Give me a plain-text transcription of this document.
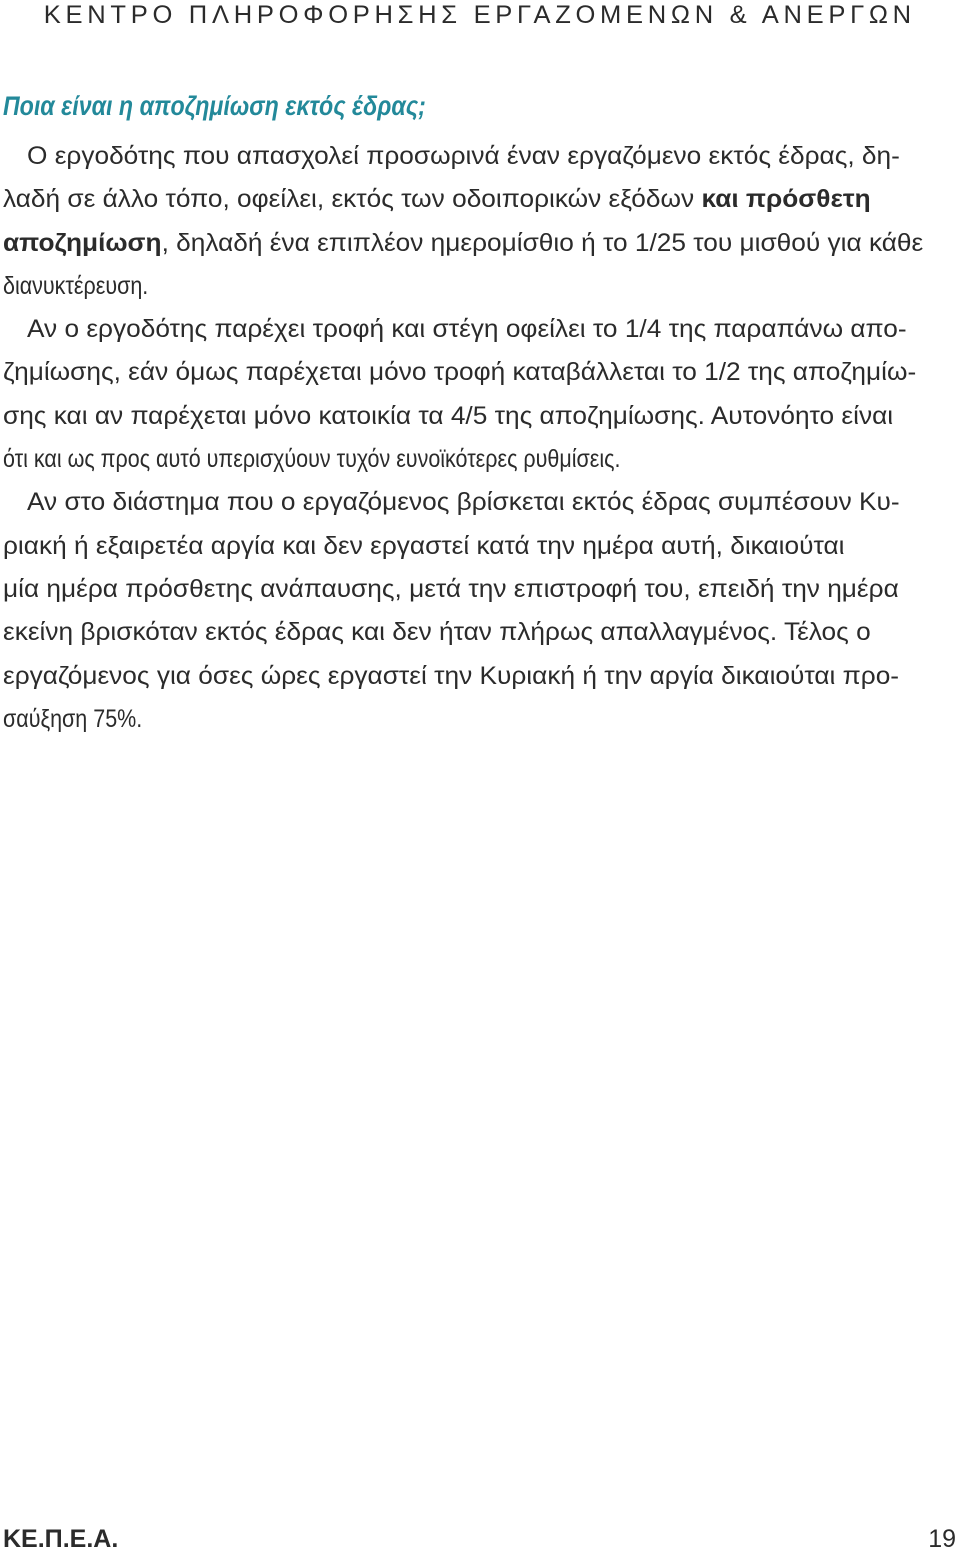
ΚΕΝΤΡΟ ΠΛΗΡΟΦΟΡΗΣΗΣ ΕΡΓΑΖΟΜΕΝΩΝ & ΑΝΕΡΓΩΝ
Ποια είναι η αποζημίωση εκτός έδρας;

Ο εργοδότης που απασχολεί προσωρινά έναν εργαζόμενο εκτός έδρας, δη-
λαδή σε άλλο τόπο, οφείλει, εκτός των οδοιπορικών εξόδων και πρόσθετη
αποζημίωση, δηλαδή ένα επιπλέον ημερομίσθιο ή το 1/25 του μισθού για κάθε
διανυκτέρευση.

Αν ο εργοδότης παρέχει τροφή και στέγη οφείλει το 1/4 της παραπάνω απο-
ζημίωσης, εάν όμως παρέχεται μόνο τροφή καταβάλλεται το 1/2 της αποζημίω-
σης και αν παρέχεται μόνο κατοικία τα 4/5 της αποζημίωσης. Αυτονόητο είναι
ότι και ως προς αυτό υπερισχύουν τυχόν ευνοϊκότερες ρυθμίσεις.

Αν στο διάστημα που ο εργαζόμενος βρίσκεται εκτός έδρας συμπέσουν Κυ-
ριακή ή εξαιρετέα αργία και δεν εργαστεί κατά την ημέρα αυτή, δικαιούται
μία ημέρα πρόσθετης ανάπαυσης, μετά την επιστροφή του, επειδή την ημέρα
εκείνη βρισκόταν εκτός έδρας και δεν ήταν πλήρως απαλλαγμένος. Τέλος ο
εργαζόμενος για όσες ώρες εργαστεί την Κυριακή ή την αργία δικαιούται προ-
σαύξηση 75%.

ΚΕ.Π.Ε.Α.	19
